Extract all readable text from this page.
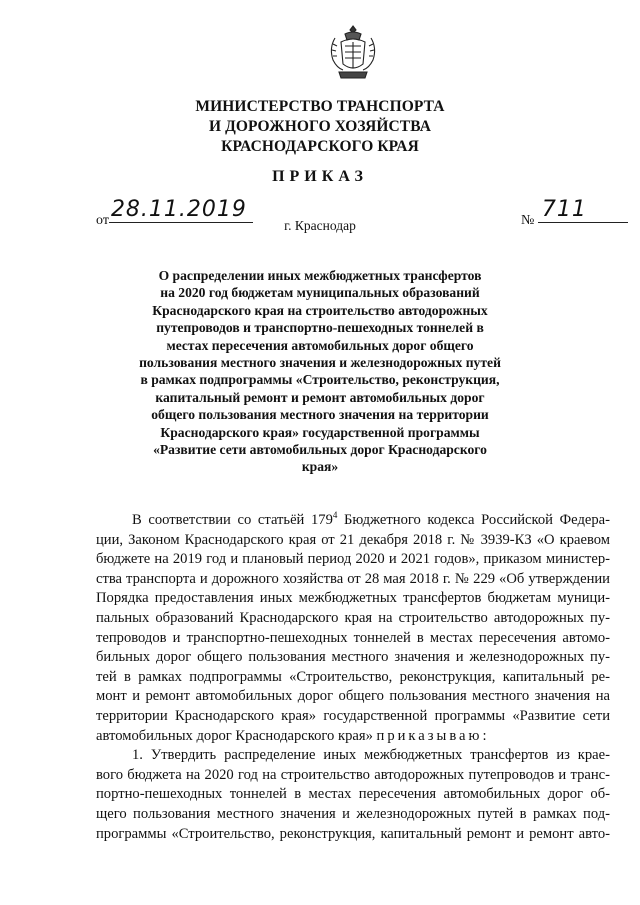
МИНИСТЕРСТВО ТРАНСПОРТА
И ДОРОЖНОГО ХОЗЯЙСТВА
КРАСНОДАРСКОГО КРАЯ
ПРИКАЗ
от28.11.2019	№ 711
г. Краснодар
О распределении иных межбюджетных трансфертов
на 2020 год бюджетам муниципальных образований
Краснодарского края на строительство автодорожных
путепроводов и транспортно-пешеходных тоннелей в
местах пересечения автомобильных дорог общего
пользования местного значения и железнодорожных путей
в рамках подпрограммы «Строительство, реконструкция,
капитальный ремонт и ремонт автомобильных дорог
общего пользования местного значения на территории
Краснодарского края» государственной программы
«Развитие сети автомобильных дорог Краснодарского
края»
В соответствии со статьёй $179^4$ Бюджетного кодекса Российской Федера-
ции, Законом Краснодарского края от 21 декабря 2018 г. № 3939-КЗ «О краевом
бюджете на 2019 год и плановый период 2020 и 2021 годов», приказом министер-
ства транспорта и дорожного хозяйства от 28 мая 2018 г. № 229 «Об утверждении
Порядка предоставления иных межбюджетных трансфертов бюджетам муници-
пальных образований Краснодарского края на строительство автодорожных пу-
тепроводов и транспортно-пешеходных тоннелей в местах пересечения автомо-
бильных дорог общего пользования местного значения и железнодорожных пу-
тей в рамках подпрограммы «Строительство, реконструкция, капитальный ре-
монт и ремонт автомобильных дорог общего пользования местного значения на
территории Краснодарского края» государственной программы «Развитие сети
автомобильных дорог Краснодарского края» приказываю:
1. Утвердить распределение иных межбюджетных трансфертов из крае-
вого бюджета на 2020 год на строительство автодорожных путепроводов и транс-
портно-пешеходных тоннелей в местах пересечения автомобильных дорог об-
щего пользования местного значения и железнодорожных путей в рамках под-
программы «Строительство, реконструкция, капитальный ремонт и ремонт авто-
